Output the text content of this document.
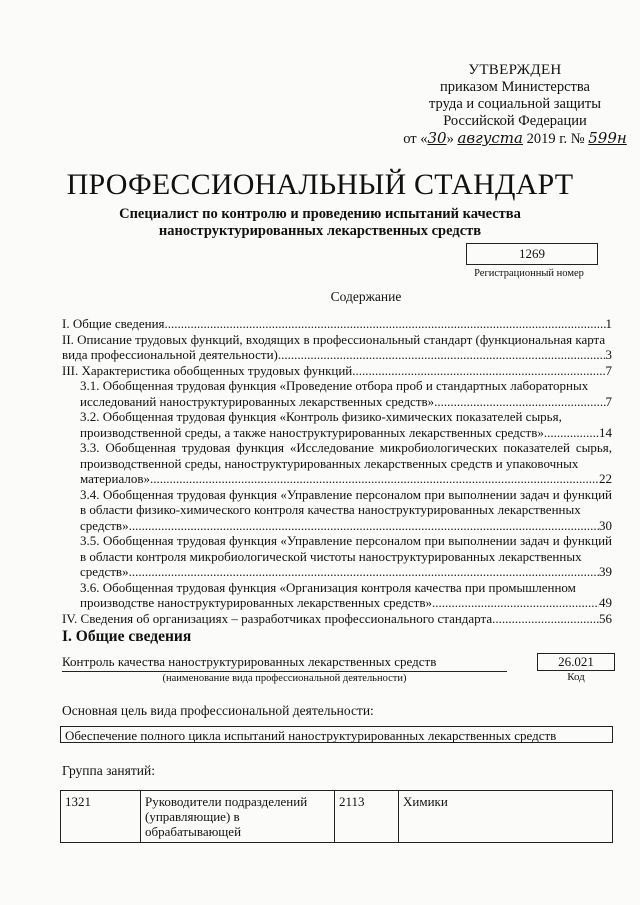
УТВЕРЖДЕН
приказом Министерства
труда и социальной защиты
Российской Федерации
от «30» августа 2019 г. № 599н
ПРОФЕССИОНАЛЬНЫЙ СТАНДАРТ
Специалист по контролю и проведению испытаний качества
наноструктурированных лекарственных средств
1269
Регистрационный номер
Содержание
I. Общие сведения .....	1
II. Описание трудовых функций, входящих в профессиональный стандарт (функциональная карта
вида профессиональной деятельности) .....	3
III. Характеристика обобщенных трудовых функций .....	7
3.1. Обобщенная трудовая функция «Проведение отбора проб и стандартных лабораторных
исследований наноструктурированных лекарственных средств» .....	7
3.2. Обобщенная трудовая функция «Контроль физико-химических показателей сырья,
производственной среды, а также наноструктурированных лекарственных средств» .....	14
3.3. Обобщенная трудовая функция «Исследование микробиологических показателей сырья, производственной среды, наноструктурированных лекарственных средств и упаковочных
материалов» .....	22
3.4. Обобщенная трудовая функция «Управление персоналом при выполнении задач и функций в области физико-химического контроля качества наноструктурированных лекарственных
средств» .....	30
3.5. Обобщенная трудовая функция «Управление персоналом при выполнении задач и функций в области контроля микробиологической чистоты наноструктурированных лекарственных
средств» .....	39
3.6. Обобщенная трудовая функция «Организация контроля качества при промышленном
производстве наноструктурированных лекарственных средств» .....	49
IV. Сведения об организациях – разработчиках профессионального стандарта .....	56
I. Общие сведения
Контроль качества наноструктурированных лекарственных средств
(наименование вида профессиональной деятельности)
26.021
Код
Основная цель вида профессиональной деятельности:
Обеспечение полного цикла испытаний наноструктурированных лекарственных средств
Группа занятий:
1321	Руководители подразделений (управляющие) в обрабатывающей	2113	Химики
